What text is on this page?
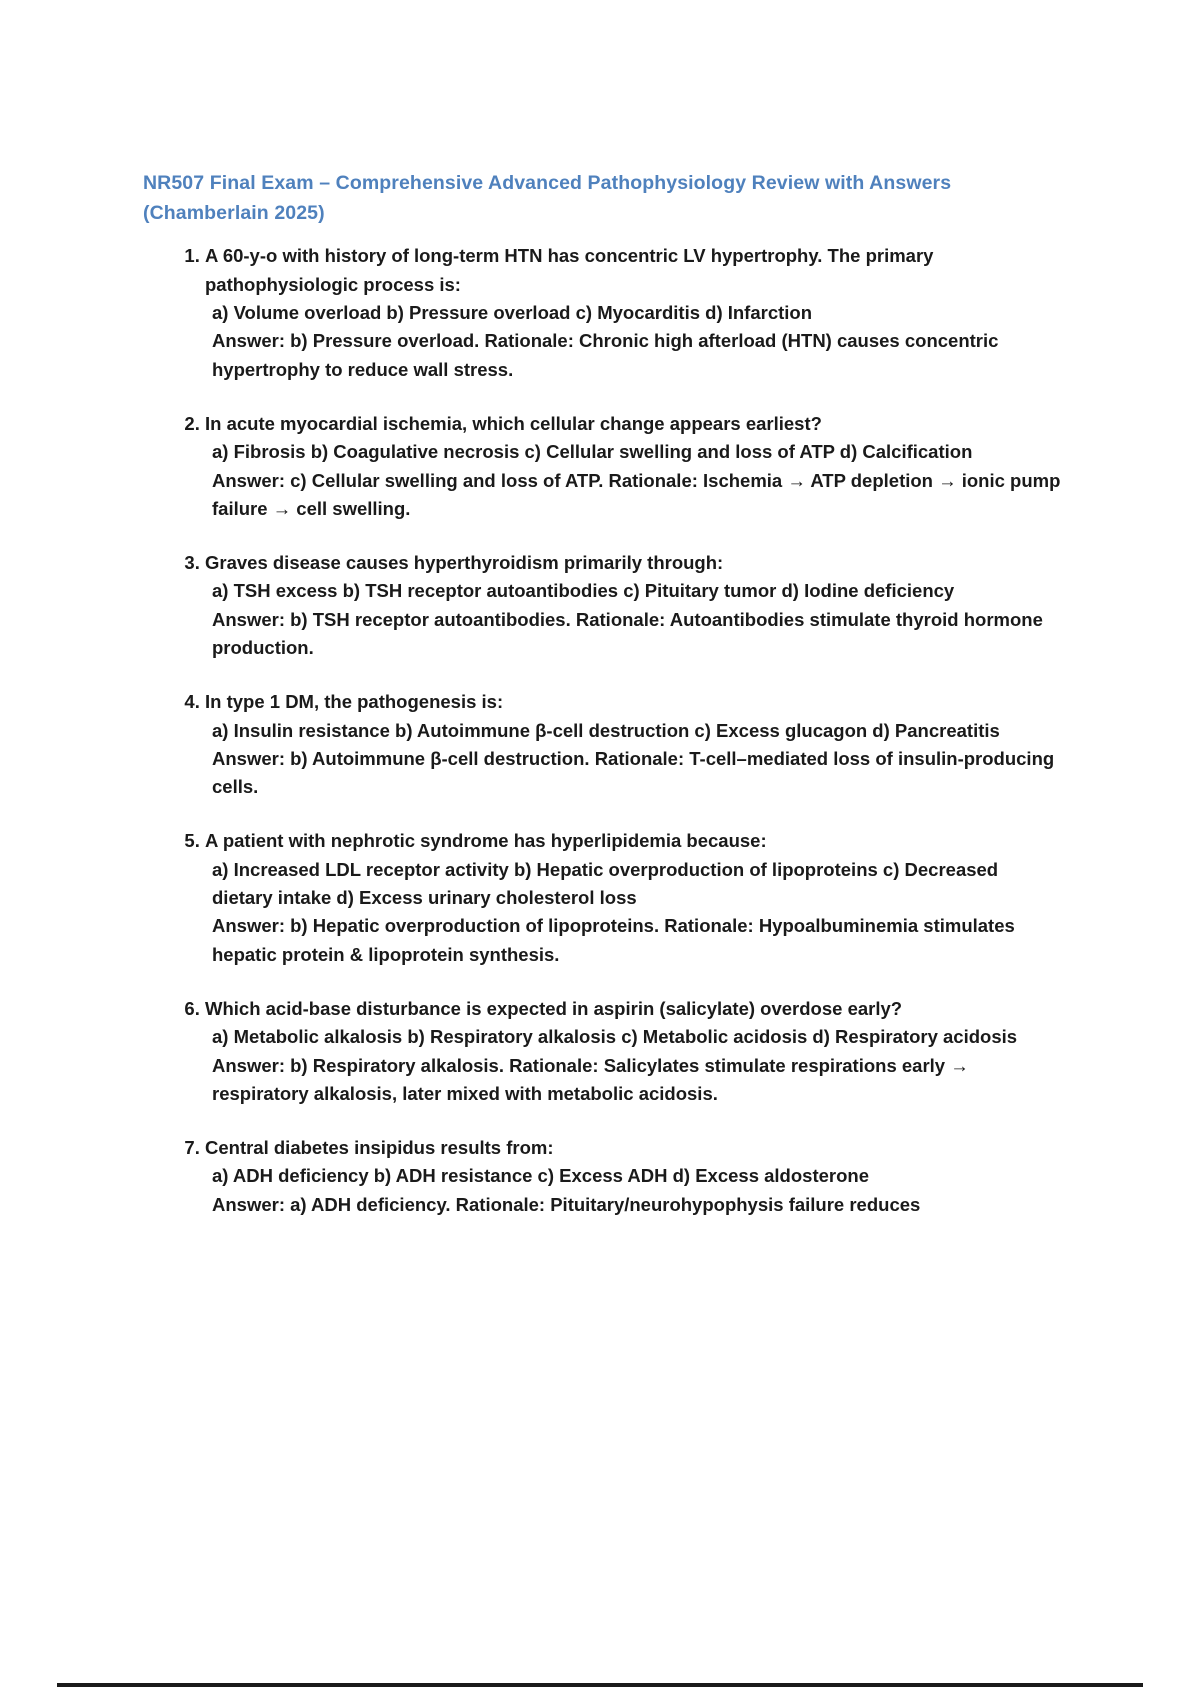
NR507 Final Exam – Comprehensive Advanced Pathophysiology Review with Answers (Chamberlain 2025)
1. A 60-y-o with history of long-term HTN has concentric LV hypertrophy. The primary pathophysiologic process is:
a) Volume overload b) Pressure overload c) Myocarditis d) Infarction
Answer: b) Pressure overload. Rationale: Chronic high afterload (HTN) causes concentric hypertrophy to reduce wall stress.
2. In acute myocardial ischemia, which cellular change appears earliest?
a) Fibrosis b) Coagulative necrosis c) Cellular swelling and loss of ATP d) Calcification
Answer: c) Cellular swelling and loss of ATP. Rationale: Ischemia → ATP depletion → ionic pump failure → cell swelling.
3. Graves disease causes hyperthyroidism primarily through:
a) TSH excess b) TSH receptor autoantibodies c) Pituitary tumor d) Iodine deficiency
Answer: b) TSH receptor autoantibodies. Rationale: Autoantibodies stimulate thyroid hormone production.
4. In type 1 DM, the pathogenesis is:
a) Insulin resistance b) Autoimmune β-cell destruction c) Excess glucagon d) Pancreatitis
Answer: b) Autoimmune β-cell destruction. Rationale: T-cell–mediated loss of insulin-producing cells.
5. A patient with nephrotic syndrome has hyperlipidemia because:
a) Increased LDL receptor activity b) Hepatic overproduction of lipoproteins c) Decreased dietary intake d) Excess urinary cholesterol loss
Answer: b) Hepatic overproduction of lipoproteins. Rationale: Hypoalbuminemia stimulates hepatic protein & lipoprotein synthesis.
6. Which acid-base disturbance is expected in aspirin (salicylate) overdose early?
a) Metabolic alkalosis b) Respiratory alkalosis c) Metabolic acidosis d) Respiratory acidosis
Answer: b) Respiratory alkalosis. Rationale: Salicylates stimulate respirations early → respiratory alkalosis, later mixed with metabolic acidosis.
7. Central diabetes insipidus results from:
a) ADH deficiency b) ADH resistance c) Excess ADH d) Excess aldosterone
Answer: a) ADH deficiency. Rationale: Pituitary/neurohypophysis failure reduces
